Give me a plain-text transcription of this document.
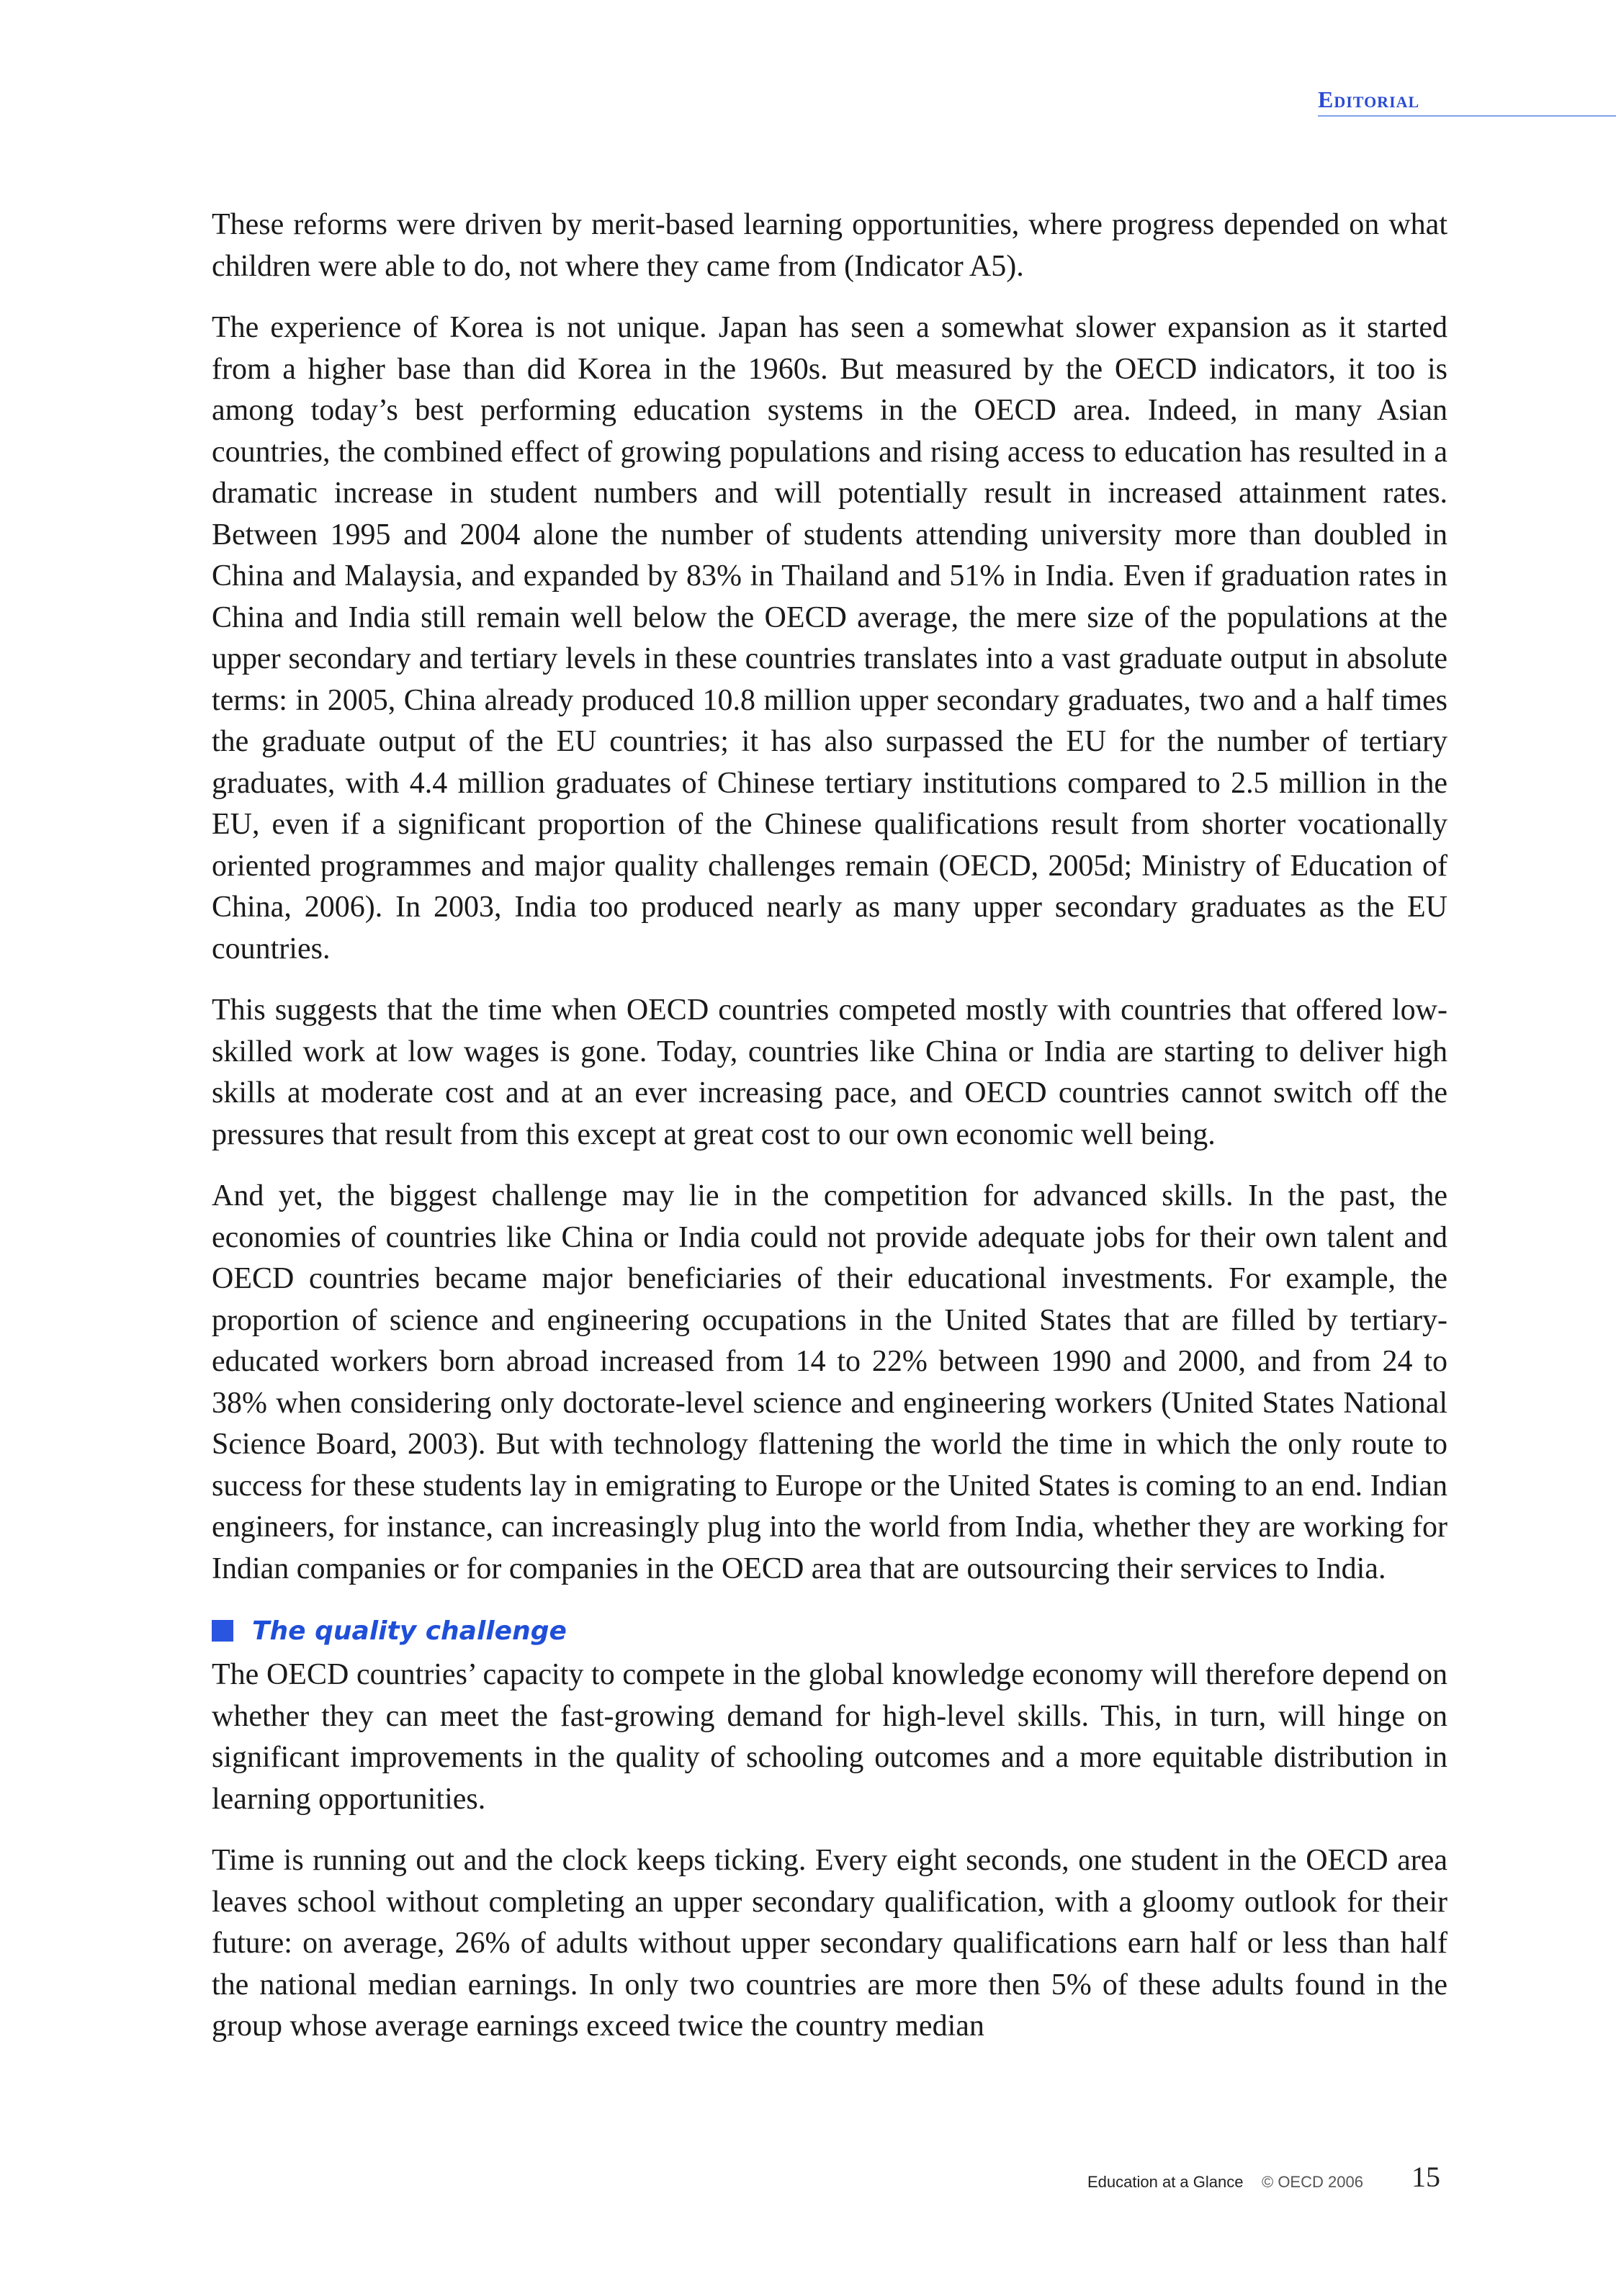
Editorial

These reforms were driven by merit-based learning opportunities, where progress depended on what children were able to do, not where they came from (Indicator A5).

The experience of Korea is not unique. Japan has seen a somewhat slower expansion as it started from a higher base than did Korea in the 1960s. But measured by the OECD indicators, it too is among today’s best performing education systems in the OECD area. Indeed, in many Asian countries, the combined effect of growing populations and rising access to education has resulted in a dramatic increase in student numbers and will potentially result in increased attainment rates. Between 1995 and 2004 alone the number of students attending university more than doubled in China and Malaysia, and expanded by 83% in Thailand and 51% in India. Even if graduation rates in China and India still remain well below the OECD average, the mere size of the populations at the upper secondary and tertiary levels in these countries translates into a vast graduate output in absolute terms: in 2005, China already produced 10.8 million upper secondary graduates, two and a half times the graduate output of the EU countries; it has also surpassed the EU for the number of tertiary graduates, with 4.4 million graduates of Chinese tertiary institutions compared to 2.5 million in the EU, even if a significant proportion of the Chinese qualifications result from shorter vocationally oriented programmes and major quality challenges remain (OECD, 2005d; Ministry of Education of China, 2006). In 2003, India too produced nearly as many upper secondary graduates as the EU countries.

This suggests that the time when OECD countries competed mostly with countries that offered low-skilled work at low wages is gone. Today, countries like China or India are starting to deliver high skills at moderate cost and at an ever increasing pace, and OECD countries cannot switch off the pressures that result from this except at great cost to our own economic well being.

And yet, the biggest challenge may lie in the competition for advanced skills. In the past, the economies of countries like China or India could not provide adequate jobs for their own talent and OECD countries became major beneficiaries of their educational investments. For example, the proportion of science and engineering occupations in the United States that are filled by tertiary-educated workers born abroad increased from 14 to 22% between 1990 and 2000, and from 24 to 38% when considering only doctorate-level science and engineering workers (United States National Science Board, 2003). But with technology flattening the world the time in which the only route to success for these students lay in emigrating to Europe or the United States is coming to an end. Indian engineers, for instance, can increasingly plug into the world from India, whether they are working for Indian companies or for companies in the OECD area that are outsourcing their services to India.

The quality challenge

The OECD countries’ capacity to compete in the global knowledge economy will therefore depend on whether they can meet the fast-growing demand for high-level skills. This, in turn, will hinge on significant improvements in the quality of schooling outcomes and a more equitable distribution in learning opportunities.

Time is running out and the clock keeps ticking. Every eight seconds, one student in the OECD area leaves school without completing an upper secondary qualification, with a gloomy outlook for their future: on average, 26% of adults without upper secondary qualifications earn half or less than half the national median earnings. In only two countries are more then 5% of these adults found in the group whose average earnings exceed twice the country median

Education at a Glance © OECD 2006 15
